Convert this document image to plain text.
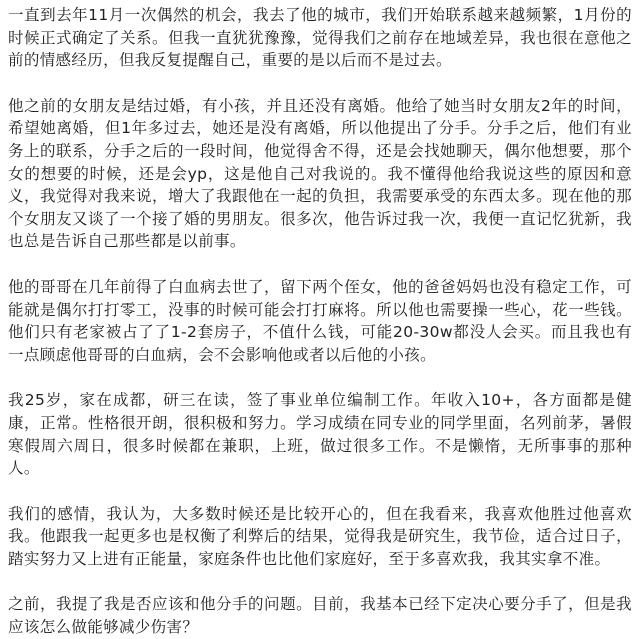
一直到去年11月一次偶然的机会，我去了他的城市，我们开始联系越来越频繁，1月份的时候正式确定了关系。但我一直犹犹豫豫，觉得我们之前存在地域差异，我也很在意他之前的情感经历，但我反复提醒自己，重要的是以后而不是过去。

他之前的女朋友是结过婚，有小孩，并且还没有离婚。他给了她当时女朋友2年的时间，希望她离婚，但1年多过去，她还是没有离婚，所以他提出了分手。分手之后，他们有业务上的联系，分手之后的一段时间，他觉得舍不得，还是会找她聊天，偶尔他想要，那个女的想要的时候，还是会yp，这是他自己对我说的。我不懂得他给我说这些的原因和意义，我觉得对我来说，增大了我跟他在一起的负担，我需要承受的东西太多。现在他的那个女朋友又谈了一个接了婚的男朋友。很多次，他告诉过我一次，我便一直记忆犹新，我也总是告诉自己那些都是以前事。

他的哥哥在几年前得了白血病去世了，留下两个侄女，他的爸爸妈妈也没有稳定工作，可能就是偶尔打打零工，没事的时候可能会打打麻将。所以他也需要操一些心，花一些钱。他们只有老家被占了了1-2套房子，不值什么钱，可能20-30w都没人会买。而且我也有一点顾虑他哥哥的白血病，会不会影响他或者以后他的小孩。

我25岁，家在成都，研三在读，签了事业单位编制工作。年收入10+，各方面都是健康，正常。性格很开朗，很积极和努力。学习成绩在同专业的同学里面，名列前茅，暑假寒假周六周日，很多时候都在兼职，上班，做过很多工作。不是懒惰，无所事事的那种人。

我们的感情，我认为，大多数时候还是比较开心的，但在我看来，我喜欢他胜过他喜欢我。他跟我一起更多也是权衡了利弊后的结果，觉得我是研究生，我节俭，适合过日子，踏实努力又上进有正能量，家庭条件也比他们家庭好，至于多喜欢我，我其实拿不准。

之前，我提了我是否应该和他分手的问题。目前，我基本已经下定决心要分手了，但是我应该怎么做能够减少伤害？
